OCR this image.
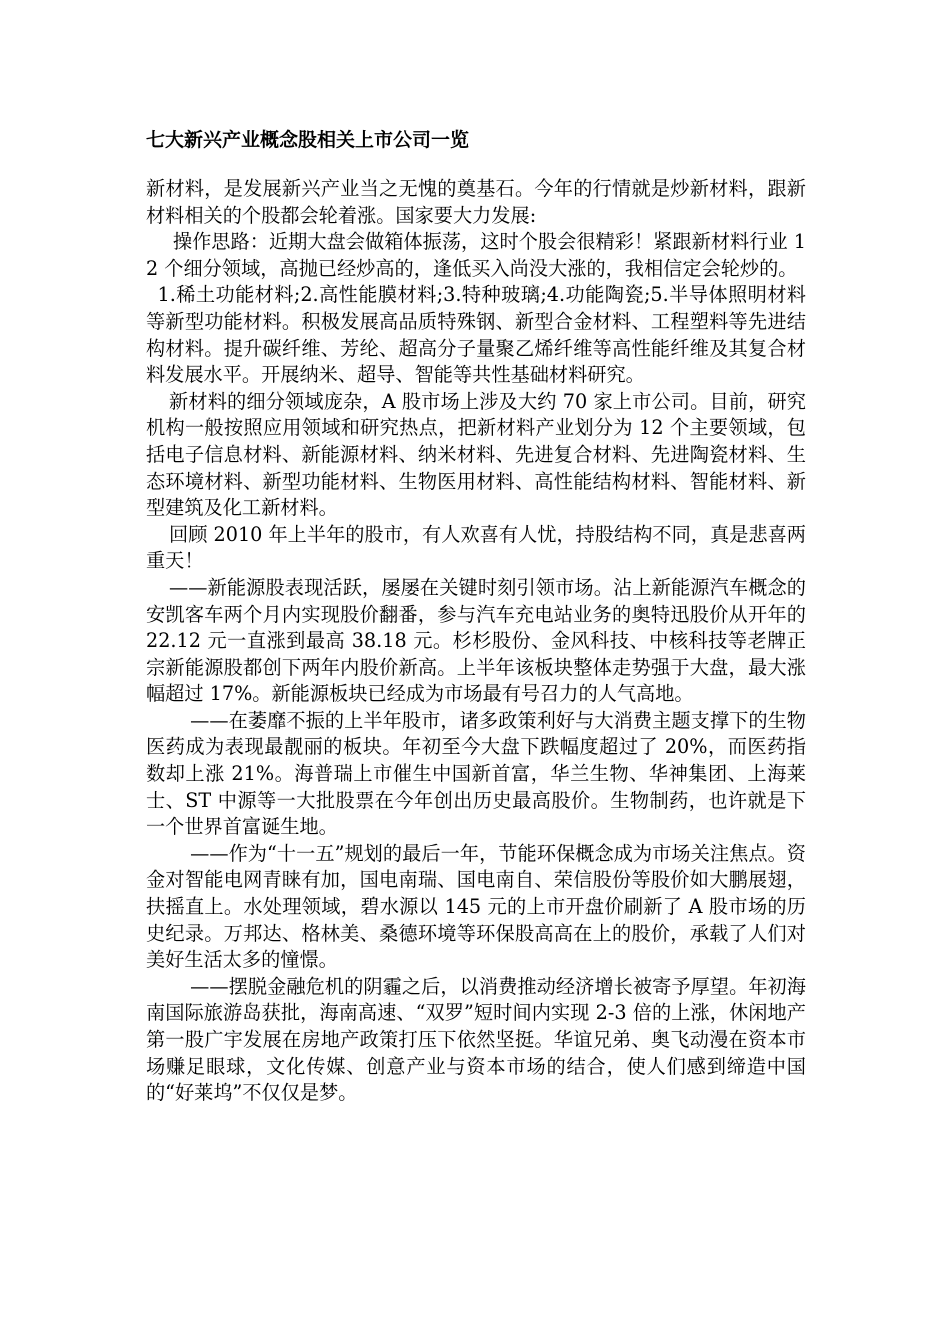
七大新兴产业概念股相关上市公司一览

新材料，是发展新兴产业当之无愧的奠基石。今年的行情就是炒新材料，跟新材料相关的个股都会轮着涨。国家要大力发展:

操作思路：近期大盘会做箱体振荡，这时个股会很精彩！紧跟新材料行业 12 个细分领域，高抛已经炒高的，逢低买入尚没大涨的，我相信定会轮炒的。

1.稀土功能材料;2.高性能膜材料;3.特种玻璃;4.功能陶瓷;5.半导体照明材料等新型功能材料。积极发展高品质特殊钢、新型合金材料、工程塑料等先进结构材料。提升碳纤维、芳纶、超高分子量聚乙烯纤维等高性能纤维及其复合材料发展水平。开展纳米、超导、智能等共性基础材料研究。

新材料的细分领域庞杂，A 股市场上涉及大约 70 家上市公司。目前，研究机构一般按照应用领域和研究热点，把新材料产业划分为 12 个主要领域，包括电子信息材料、新能源材料、纳米材料、先进复合材料、先进陶瓷材料、生态环境材料、新型功能材料、生物医用材料、高性能结构材料、智能材料、新型建筑及化工新材料。

回顾 2010 年上半年的股市，有人欢喜有人忧，持股结构不同，真是悲喜两重天！

——新能源股表现活跃，屡屡在关键时刻引领市场。沾上新能源汽车概念的安凯客车两个月内实现股价翻番，参与汽车充电站业务的奥特迅股价从开年的 22.12 元一直涨到最高 38.18 元。杉杉股份、金风科技、中核科技等老牌正宗新能源股都创下两年内股价新高。上半年该板块整体走势强于大盘，最大涨幅超过 17%。新能源板块已经成为市场最有号召力的人气高地。

——在萎靡不振的上半年股市，诸多政策利好与大消费主题支撑下的生物医药成为表现最靓丽的板块。年初至今大盘下跌幅度超过了 20%，而医药指数却上涨 21%。海普瑞上市催生中国新首富，华兰生物、华神集团、上海莱士、ST 中源等一大批股票在今年创出历史最高股价。生物制药，也许就是下一个世界首富诞生地。

——作为“十一五”规划的最后一年，节能环保概念成为市场关注焦点。资金对智能电网青睐有加，国电南瑞、国电南自、荣信股份等股价如大鹏展翅，扶摇直上。水处理领域，碧水源以 145 元的上市开盘价刷新了 A 股市场的历史纪录。万邦达、格林美、桑德环境等环保股高高在上的股价，承载了人们对美好生活太多的憧憬。

——摆脱金融危机的阴霾之后，以消费推动经济增长被寄予厚望。年初海南国际旅游岛获批，海南高速、“双罗”短时间内实现 2-3 倍的上涨，休闲地产第一股广宇发展在房地产政策打压下依然坚挺。华谊兄弟、奥飞动漫在资本市场赚足眼球，文化传媒、创意产业与资本市场的结合，使人们感到缔造中国的“好莱坞”不仅仅是梦。
